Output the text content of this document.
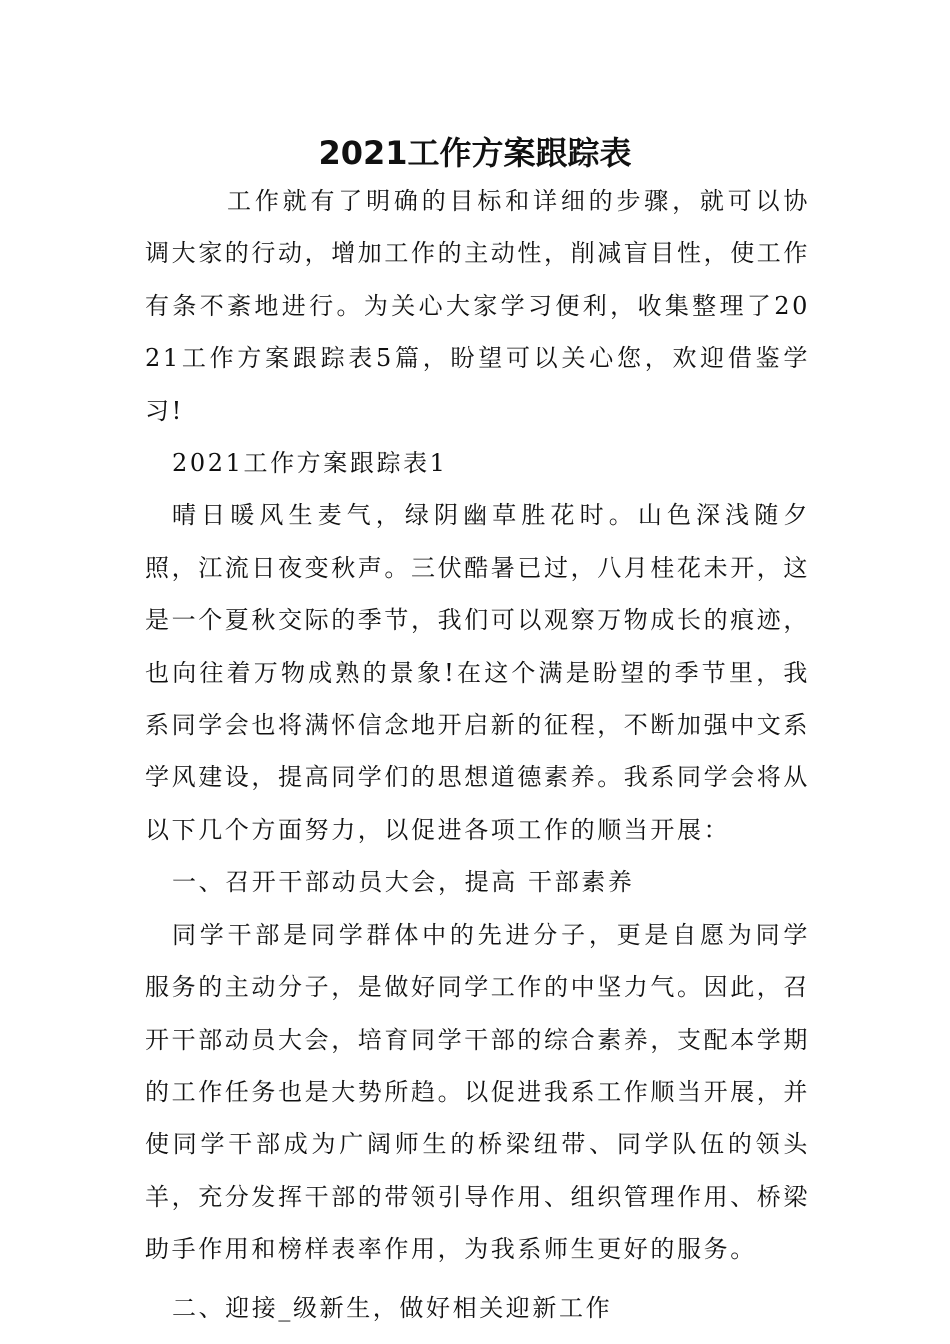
2021工作方案跟踪表

工作就有了明确的目标和详细的步骤，就可以协调大家的行动，增加工作的主动性，削减盲目性，使工作有条不紊地进行。为关心大家学习便利，收集整理了2021工作方案跟踪表5篇，盼望可以关心您，欢迎借鉴学习!

2021工作方案跟踪表1

晴日暖风生麦气，绿阴幽草胜花时。山色深浅随夕照，江流日夜变秋声。三伏酷暑已过，八月桂花未开，这是一个夏秋交际的季节，我们可以观察万物成长的痕迹，也向往着万物成熟的景象!在这个满是盼望的季节里，我系同学会也将满怀信念地开启新的征程，不断加强中文系学风建设，提高同学们的思想道德素养。我系同学会将从以下几个方面努力，以促进各项工作的顺当开展：

一、召开干部动员大会，提高 干部素养

同学干部是同学群体中的先进分子，更是自愿为同学服务的主动分子，是做好同学工作的中坚力气。因此，召开干部动员大会，培育同学干部的综合素养，支配本学期的工作任务也是大势所趋。以促进我系工作顺当开展，并使同学干部成为广阔师生的桥梁纽带、同学队伍的领头羊，充分发挥干部的带领引导作用、组织管理作用、桥梁助手作用和榜样表率作用，为我系师生更好的服务。

二、迎接_级新生，做好相关迎新工作
